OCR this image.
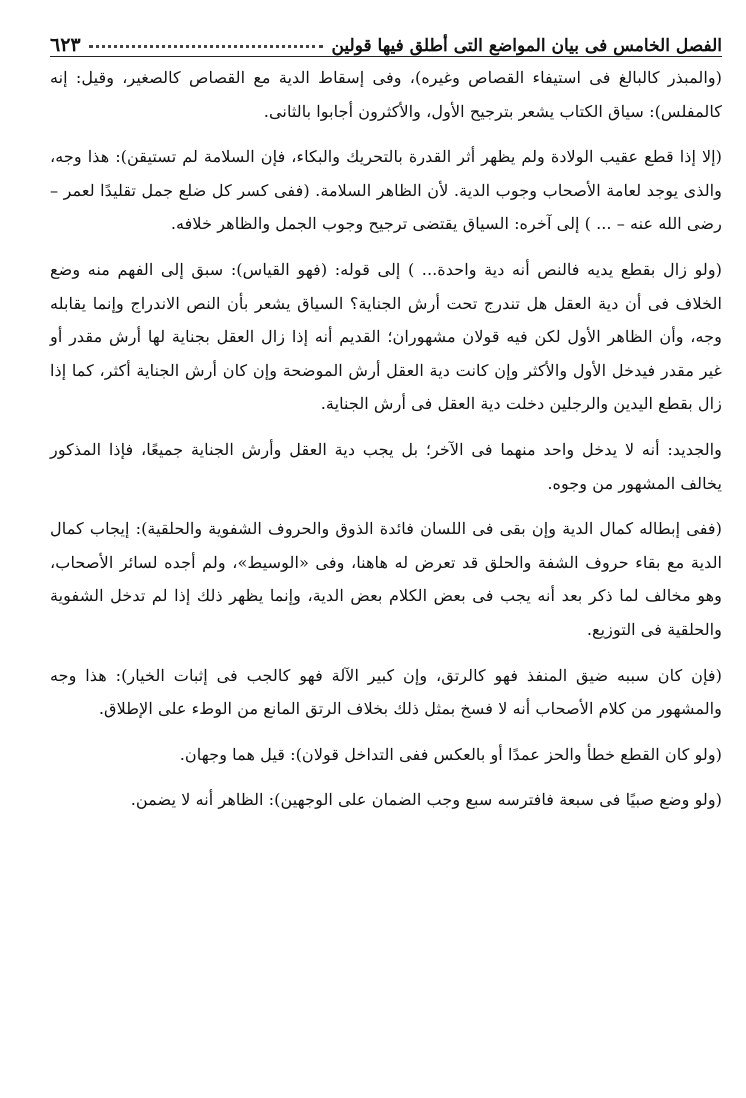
الفصل الخامس فى بيان المواضع التى أطلق فيها قولين
٦٢٣

(والمبذر كالبالغ فى استيفاء القصاص وغيره)، وفى إسقاط الدية مع القصاص كالصغير، وقيل: إنه كالمفلس): سياق الكتاب يشعر بترجيح الأول، والأكثرون أجابوا بالثانى.

(إلا إذا قطع عقيب الولادة ولم يظهر أثر القدرة بالتحريك والبكاء، فإن السلامة لم تستيقن): هذا وجه، والذى يوجد لعامة الأصحاب وجوب الدية. لأن الظاهر السلامة. (ففى كسر كل ضلع جمل تقليدًا لعمر – رضى الله عنه – ... ) إلى آخره: السياق يقتضى ترجيح وجوب الجمل والظاهر خلافه.

(ولو زال بقطع يديه فالنص أنه دية واحدة... ) إلى قوله: (فهو القياس): سبق إلى الفهم منه وضع الخلاف فى أن دية العقل هل تندرج تحت أرش الجناية؟ السياق يشعر بأن النص الاندراج وإنما يقابله وجه، وأن الظاهر الأول لكن فيه قولان مشهوران؛ القديم أنه إذا زال العقل بجناية لها أرش مقدر أو غير مقدر فيدخل الأول والأكثر وإن كانت دية العقل أرش الموضحة وإن كان أرش الجناية أكثر، كما إذا زال بقطع اليدين والرجلين دخلت دية العقل فى أرش الجناية.

والجديد: أنه لا يدخل واحد منهما فى الآخر؛ بل يجب دية العقل وأرش الجناية جميعًا، فإذا المذكور يخالف المشهور من وجوه.

(ففى إبطاله كمال الدية وإن بقى فى اللسان فائدة الذوق والحروف الشفوية والحلقية): إيجاب كمال الدية مع بقاء حروف الشفة والحلق قد تعرض له هاهنا، وفى «الوسيط»، ولم أجده لسائر الأصحاب، وهو مخالف لما ذكر بعد أنه يجب فى بعض الكلام بعض الدية، وإنما يظهر ذلك إذا لم تدخل الشفوية والحلقية فى التوزيع.

(فإن كان سببه ضيق المنفذ فهو كالرتق، وإن كبير الآلة فهو كالجب فى إثبات الخيار): هذا وجه والمشهور من كلام الأصحاب أنه لا فسخ بمثل ذلك بخلاف الرتق المانع من الوطء على الإطلاق.

(ولو كان القطع خطأ والحز عمدًا أو بالعكس ففى التداخل قولان): قيل هما وجهان.

(ولو وضع صبيًا فى سبعة فافترسه سبع وجب الضمان على الوجهين): الظاهر أنه لا يضمن.
